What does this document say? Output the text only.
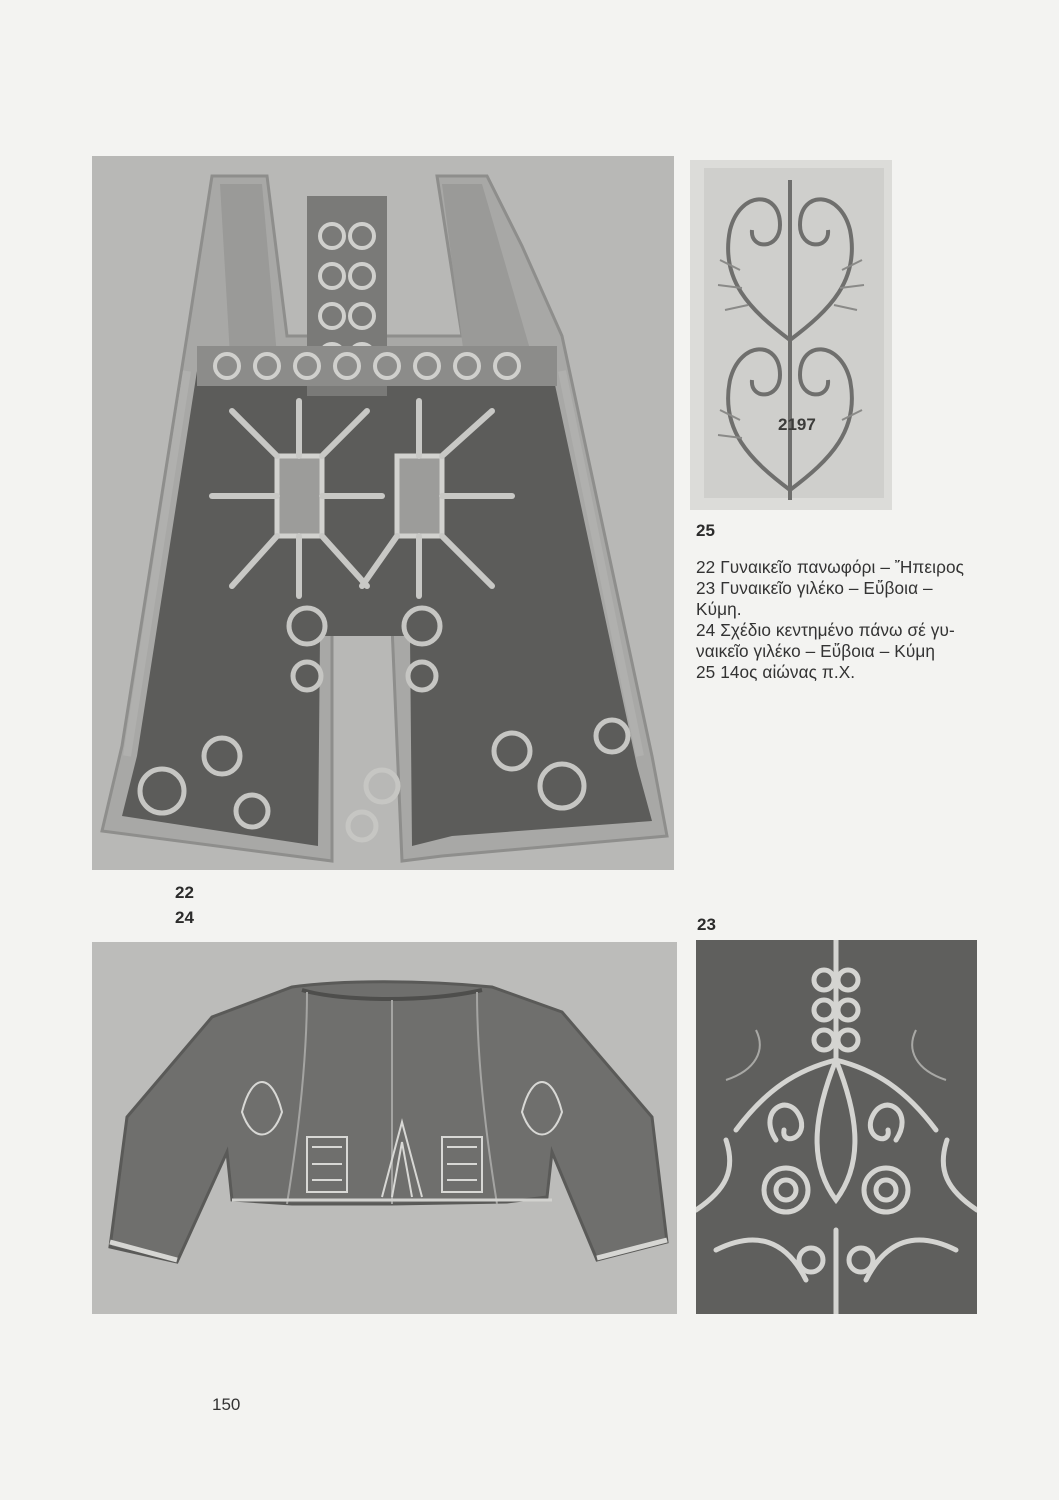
2197

25

22 Γυναικεῖο πανωφόρι – Ἤπειρος
23 Γυναικεῖο γιλέκο – Εὔβοια –
Κύμη.
24 Σχέδιο κεντημένο πάνω σέ γυ-
ναικεῖο γιλέκο – Εὔβοια – Κύμη
25 14ος αἰώνας π.Χ.

22

24	23

150
